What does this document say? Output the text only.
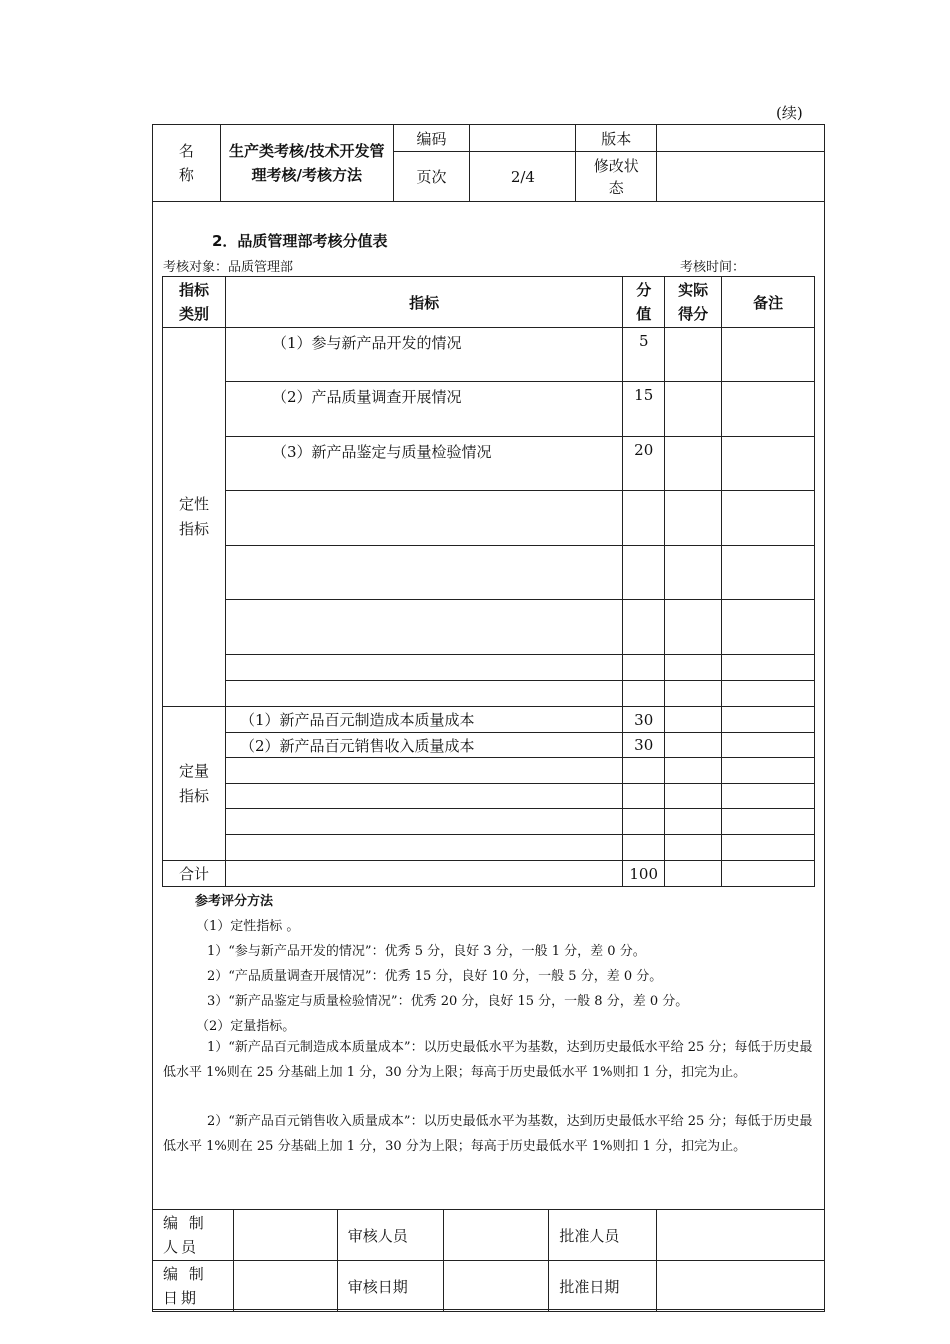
(续)
名称	生产类考核/技术开发管理考核/考核方法	编码		版本	
		页次	2/4	修改状态	

2．品质管理部考核分值表
考核对象：品质管理部	考核时间：
指标类别	指标	分值	实际得分	备注

定性指标	（1）参与新产品开发的情况	5		
	（2）产品质量调查开展情况	15		
	（3）新产品鉴定与质量检验情况	20		

定量指标	（1）新产品百元制造成本质量成本	30		
	（2）新产品百元销售收入质量成本	30		

合计		100		
参考评分方法
（1）定性指标 。
1）“参与新产品开发的情况”：优秀 5 分，良好 3 分，一般 1 分，差 0 分。
2）“产品质量调查开展情况”：优秀 15 分，良好 10 分，一般 5 分，差 0 分。
3）“新产品鉴定与质量检验情况”：优秀 20 分，良好 15 分，一般 8 分，差 0 分。
（2）定量指标。
1）“新产品百元制造成本质量成本”：以历史最低水平为基数，达到历史最低水平给 25 分；每低于历史最低水平 1%则在 25 分基础上加 1 分，30 分为上限；每高于历史最低水平 1%则扣 1 分，扣完为止。
2）“新产品百元销售收入质量成本”：以历史最低水平为基数，达到历史最低水平给 25 分；每低于历史最低水平 1%则在 25 分基础上加 1 分，30 分为上限；每高于历史最低水平 1%则扣 1 分，扣完为止。
编 制 人员		审核人员		批准人员	

编 制 日期		审核日期		批准日期	
